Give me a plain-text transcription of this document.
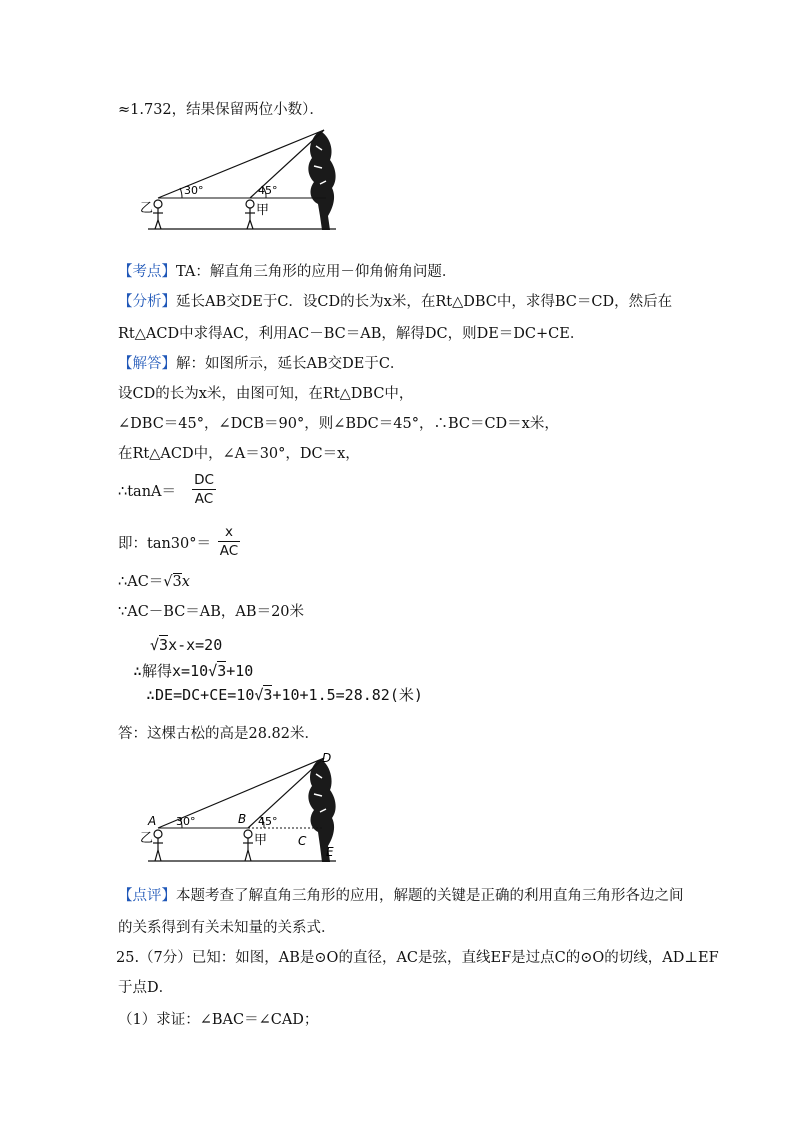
≈1.732，结果保留两位小数）．
30°	45°
乙	甲
【考点】TA：解直角三角形的应用－仰角俯角问题．
【分析】延长AB交DE于C．设CD的长为x米，在Rt△DBC中，求得BC＝CD，然后在
Rt△ACD中求得AC，利用AC－BC＝AB，解得DC，则DE＝DC+CE．
【解答】解：如图所示，延长AB交DE于C．
设CD的长为x米，由图可知，在Rt△DBC中，
∠DBC＝45°，∠DCB＝90°，则∠BDC＝45°，∴BC＝CD＝x米，
在Rt△ACD中，∠A＝30°，DC＝x，
∴tanA＝
DC
AC
即：tan30°＝
x
AC
∴AC＝√3x
∵AC－BC＝AB，AB＝20米
√3x-x=20
∴解得x=10√3+10
∴DE=DC+CE=10√3+10+1.5=28.82(米)
答：这棵古松的高是28.82米．
30°	45°
A	B
C
D
E
乙	甲
【点评】本题考查了解直角三角形的应用，解题的关键是正确的利用直角三角形各边之间
的关系得到有关未知量的关系式．
25.（7分）已知：如图，AB是⊙O的直径，AC是弦，直线EF是过点C的⊙O的切线，AD⊥EF
于点D．
（1）求证：∠BAC＝∠CAD；
